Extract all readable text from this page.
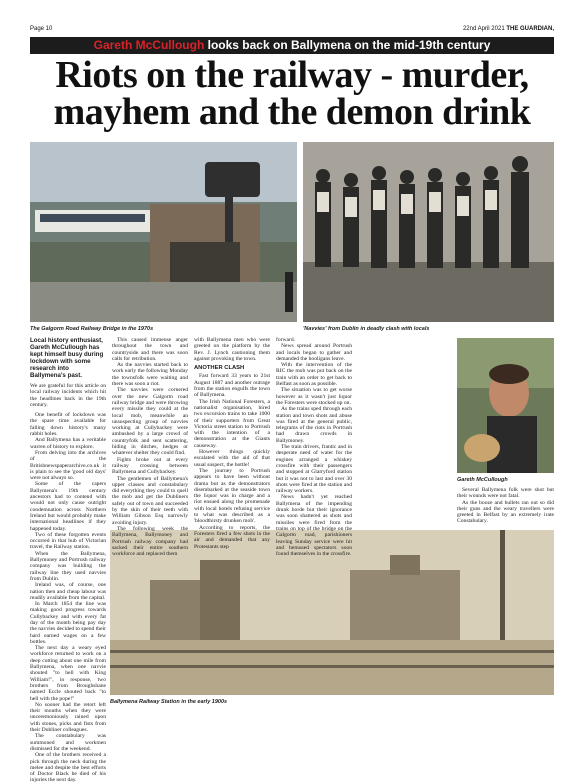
Page 10	22nd April 2021 THE GUARDIAN,
Gareth McCullough looks back on Ballymena on the mid-19th century
Riots on the railway - murder, mayhem and the demon drink
The Galgorm Road Railway Bridge in the 1970s	'Navvies' from Dublin in deadly clash with locals
Gareth McCullough
Ballymena Railway Station in the early 1900s
Local history enthusiast, Gareth McCullough has kept himself busy during lockdown with some research into Ballymena's past.

We are grateful for this article on local railway incidents which hit the headlines back in the 19th century.

One benefit of lockdown was the spare time available for falling down history's many rabbit holes.

And Ballymena has a veritable warren of history to explore.

From delving into the archives of the Britishnewspaperarchive.co.uk it is plain to see the 'good old days' were not always so.

Some of the capers Ballymena's 19th century ancestors had to contend with would not only cause outright condemnation across Northern Ireland but would probably make international headlines if they happened today.

Two of these forgotten events occurred in that hub of Victorian travel, the Railway station.

When the Ballymena, Ballymoney and Portrush railway company was building the railway line they used navvies from Dublin.

Ireland was, of course, one nation then and cheap labour was readily available from the capital.

In March 1854 the line was making good progress towards Cullybackey and with every fat day of the month being pay day the navvies decided to spend their hard earned wages on a few bottles.

The next day a weary eyed workforce returned to work on a deep cutting about one mile from Ballymena, when one navvie shouted "to hell with King William!", in response, two brothers from Broughshane named Eccle shouted back "to hell with the pope!"

No sooner had the retort left their mouths when they were unceremoniously rained upon with stones, picks and fists from their Dubliner colleagues.

The constabulary was summoned and workmen dismissed for the weekend.

One of the brothers received a pick through the neck during the melee and despite the best efforts of Doctor Black he died of his injuries the next day.

This caused immense anger throughout the town and countryside and there was soon calls for retribution.

As the navvies started back to work early the following Monday the townsfolk were waiting and there was soon a riot.

The navvies were cornered over the new Galgorm road railway bridge and were throwing every missile they could at the local mob, meanwhile an unsuspecting group of navvies working at Cullybackey were ambushed by a large crowd of countryfolk and sent scattering, hiding in ditches, hedges or whatever shelter they could find.

Fights broke out at every railway crossing between Ballymena and Cullybackey.

The gentlemen of Ballymena's upper classes and constabulary did everything they could to quell the mob and get the Dubliners safely out of town and succeeded by the skin of their teeth with William Gibson Esq narrowly avoiding injury.

The following week the Ballymena, Ballymoney and Portrush railway company had sacked their entire southern workforce and replaced them

with Ballymena men who were greeted on the platform by the Rev. J. Lynch cautioning them against provoking the town.

ANOTHER CLASH

Fast forward 33 years to 21st August 1887 and another outrage from the station engulfs the town of Ballymena.

The Irish National Foresters, a nationalist organisation, hired two excursion trains to take 1000 of their supporters from Great Victoria street station to Portrush with the intention of a demonstration at the Giants causeway.

However things quickly escalated with the aid of that usual suspect, the bottle!

The journey to Portrush appears to have been without drama but as the demonstrators disembarked at the seaside town the liquor was in charge and a riot ensued along the promenade with local hotels refusing service to what was described as a 'bloodthirsty drunken mob'.

According to reports, the Foresters fired a few shots in the air and demanded that any Protestants step

forward.

News spread around Portrush and locals began to gather and demanded the hooligans leave.

With the intervention of the RIC the mob was put back on the train with an order to get back to Belfast as soon as possible.

The situation was to get worse however as it wasn't just liquor the Foresters were stocked up on.

As the trains sped through each station and town shots and abuse was fired at the general public, telegrams of the riots in Portrush had drawn crowds in Ballymoney.

The train drivers, frantic and in desperate need of water for the engines arranged a whiskey crossfire with their passengers and stopped at Glarryford station but it was not to last and over 30 shots were fired at the station and railway workers.

News hadn't yet reached Ballymena of the impending drunk horde but their ignorance was soon shattered as shots and missiles were fired from the trains on top of the bridge on the Galgorm road, parishioners leaving Sunday service were hit and bemused spectators soon found themselves in the crossfire.

Several Ballymena folk were shot but their wounds were not fatal.

As the booze and bullets ran out so did their guns and the weary travellers were greeted in Belfast by an extremely irate Constabulary.
